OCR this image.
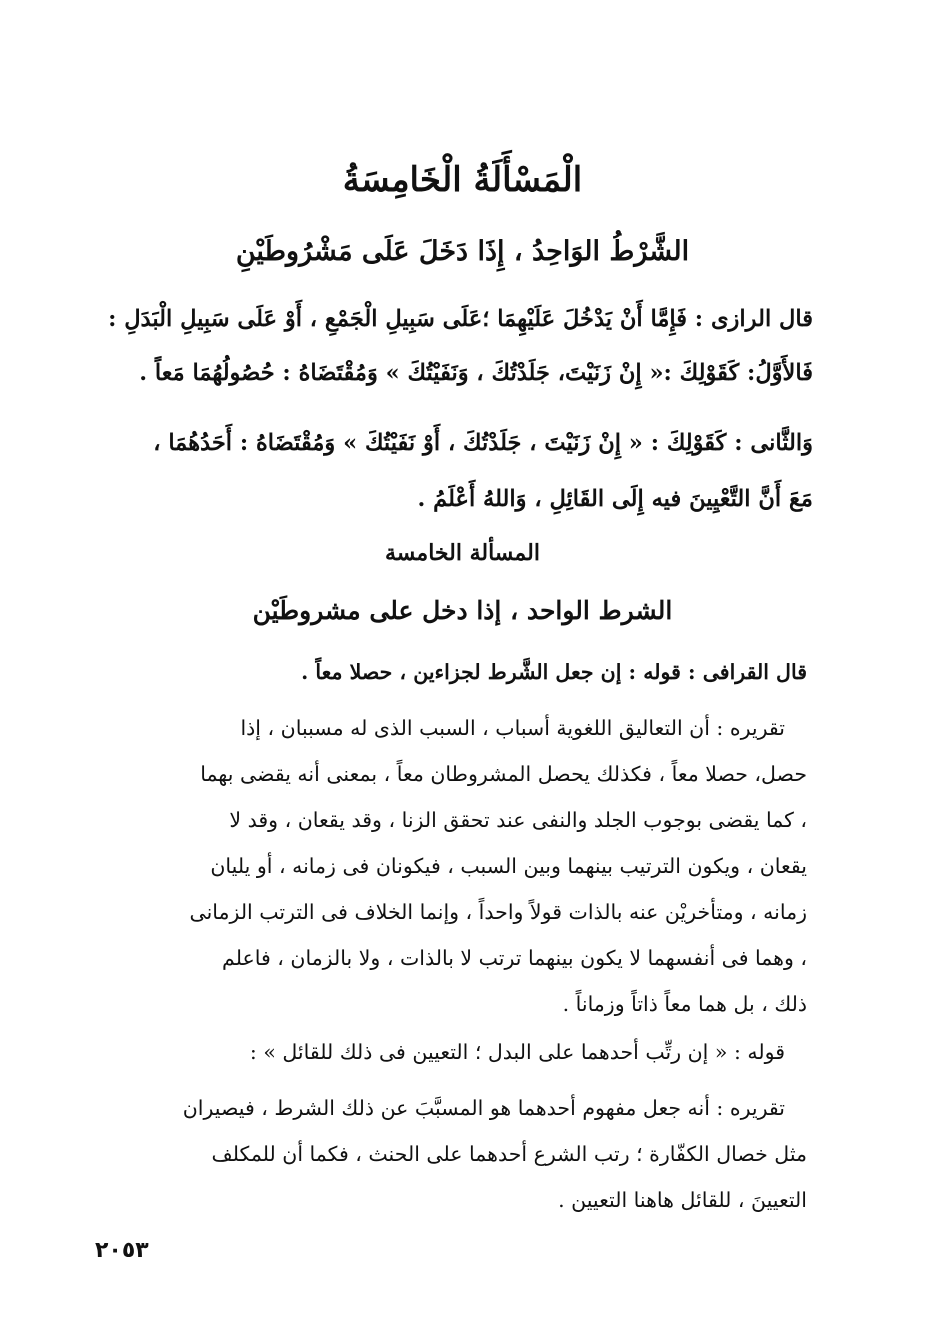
الْمَسْأَلَةُ الْخَامِسَةُ
الشَّرْطُ الوَاحِدُ ، إِذَا دَخَلَ عَلَى مَشْرُوطَيْنِ
قال الرازى : فَإِمَّا أَنْ يَدْخُلَ عَلَيْهِمَا ؛عَلَى سَبِيلِ الْجَمْعِ ، أَوْ عَلَى سَبِيلِ الْبَدَلِ :
فَالأَوَّلُ: كَقَوْلِكَ :« إِنْ زَنَيْتَ، جَلَدْتُكَ ، وَنَفَيْتُكَ » وَمُقْتَضَاهُ : حُصُولُهُمَا مَعاً .
وَالثَّانى : كَقَوْلِكَ : « إِنْ زَنَيْتَ ، جَلَدْتُكَ ، أَوْ نَفَيْتُكَ » وَمُقْتَضَاهُ : أَحَدُهُمَا ،
مَعَ أَنَّ التَّعْيِينَ فيه إِلَى القَائِلِ ، وَاللهُ أَعْلَمُ .
المسألة الخامسة
الشرط الواحد ، إذا دخل على مشروطَيْن
قال القرافى : قوله : إن جعل الشَّرط لجزاءين ، حصلا معاً .
تقريره : أن التعاليق اللغوية أسباب ، السبب الذى له مسببان ، إذا
حصل، حصلا معاً ، فكذلك يحصل المشروطان معاً ، بمعنى أنه يقضى بهما
، كما يقضى بوجوب الجلد والنفى عند تحقق الزنا ، وقد يقعان ، وقد لا
يقعان ، ويكون الترتيب بينهما وبين السبب ، فيكونان فى زمانه ، أو يليان
زمانه ، ومتأخريْن عنه بالذات قولاً واحداً ، وإنما الخلاف فى الترتب الزمانى
، وهما فى أنفسهما لا يكون بينهما ترتب لا بالذات ، ولا بالزمان ، فاعلم
ذلك ، بل هما معاً ذاتاً وزماناً .
قوله : « إن رتِّب أحدهما على البدل ؛ التعيين فى ذلك للقائل » :
تقريره : أنه جعل مفهوم أحدهما هو المسبَّبَ عن ذلك الشرط ، فيصيران
مثل خصال الكفّارة ؛ رتب الشرع أحدهما على الحنث ، فكما أن للمكلف
التعيينَ ، للقائل هاهنا التعيين .
٢٠٥٣
